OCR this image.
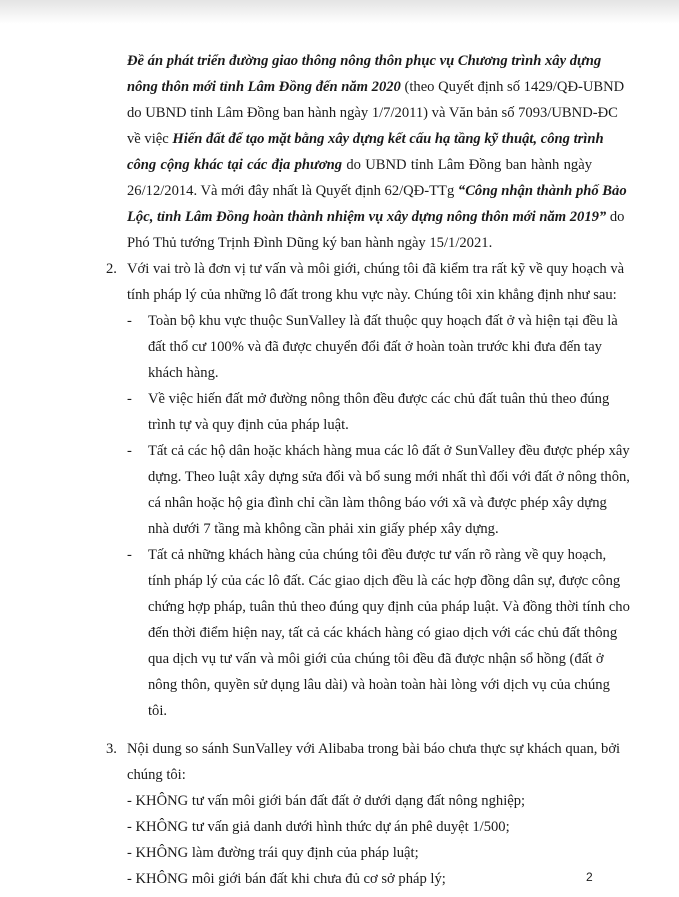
Đề án phát triển đường giao thông nông thôn phục vụ Chương trình xây dựng
nông thôn mới tỉnh Lâm Đồng đến năm 2020 (theo Quyết định số 1429/QĐ-UBND
do UBND tỉnh Lâm Đồng ban hành ngày 1/7/2011) và Văn bản số 7093/UBND-ĐC
về việc Hiến đất để tạo mặt bằng xây dựng kết cấu hạ tầng kỹ thuật, công trình
công cộng khác tại các địa phương do UBND tỉnh Lâm Đồng ban hành ngày
26/12/2014. Và mới đây nhất là Quyết định 62/QĐ-TTg “Công nhận thành phố Bảo
Lộc, tỉnh Lâm Đồng hoàn thành nhiệm vụ xây dựng nông thôn mới năm 2019” do
Phó Thủ tướng Trịnh Đình Dũng ký ban hành ngày 15/1/2021.
2. Với vai trò là đơn vị tư vấn và môi giới, chúng tôi đã kiểm tra rất kỹ về quy hoạch và
tính pháp lý của những lô đất trong khu vực này. Chúng tôi xin khẳng định như sau:
- Toàn bộ khu vực thuộc SunValley là đất thuộc quy hoạch đất ở và hiện tại đều là
đất thổ cư 100% và đã được chuyển đổi đất ở hoàn toàn trước khi đưa đến tay
khách hàng.
- Về việc hiến đất mở đường nông thôn đều được các chủ đất tuân thủ theo đúng
trình tự và quy định của pháp luật.
- Tất cả các hộ dân hoặc khách hàng mua các lô đất ở SunValley đều được phép xây
dựng. Theo luật xây dựng sửa đổi và bổ sung mới nhất thì đối với đất ở nông thôn,
cá nhân hoặc hộ gia đình chỉ cần làm thông báo với xã và được phép xây dựng
nhà dưới 7 tầng mà không cần phải xin giấy phép xây dựng.
- Tất cả những khách hàng của chúng tôi đều được tư vấn rõ ràng về quy hoạch,
tính pháp lý của các lô đất. Các giao dịch đều là các hợp đồng dân sự, được công
chứng hợp pháp, tuân thủ theo đúng quy định của pháp luật. Và đồng thời tính cho
đến thời điểm hiện nay, tất cả các khách hàng có giao dịch với các chủ đất thông
qua dịch vụ tư vấn và môi giới của chúng tôi đều đã được nhận sổ hồng (đất ở
nông thôn, quyền sử dụng lâu dài) và hoàn toàn hài lòng với dịch vụ của chúng
tôi.
3. Nội dung so sánh SunValley với Alibaba trong bài báo chưa thực sự khách quan, bởi
chúng tôi:
- KHÔNG tư vấn môi giới bán đất đất ở dưới dạng đất nông nghiệp;
- KHÔNG tư vấn giả danh dưới hình thức dự án phê duyệt 1/500;
- KHÔNG làm đường trái quy định của pháp luật;
- KHÔNG môi giới bán đất khi chưa đủ cơ sở pháp lý;	2
